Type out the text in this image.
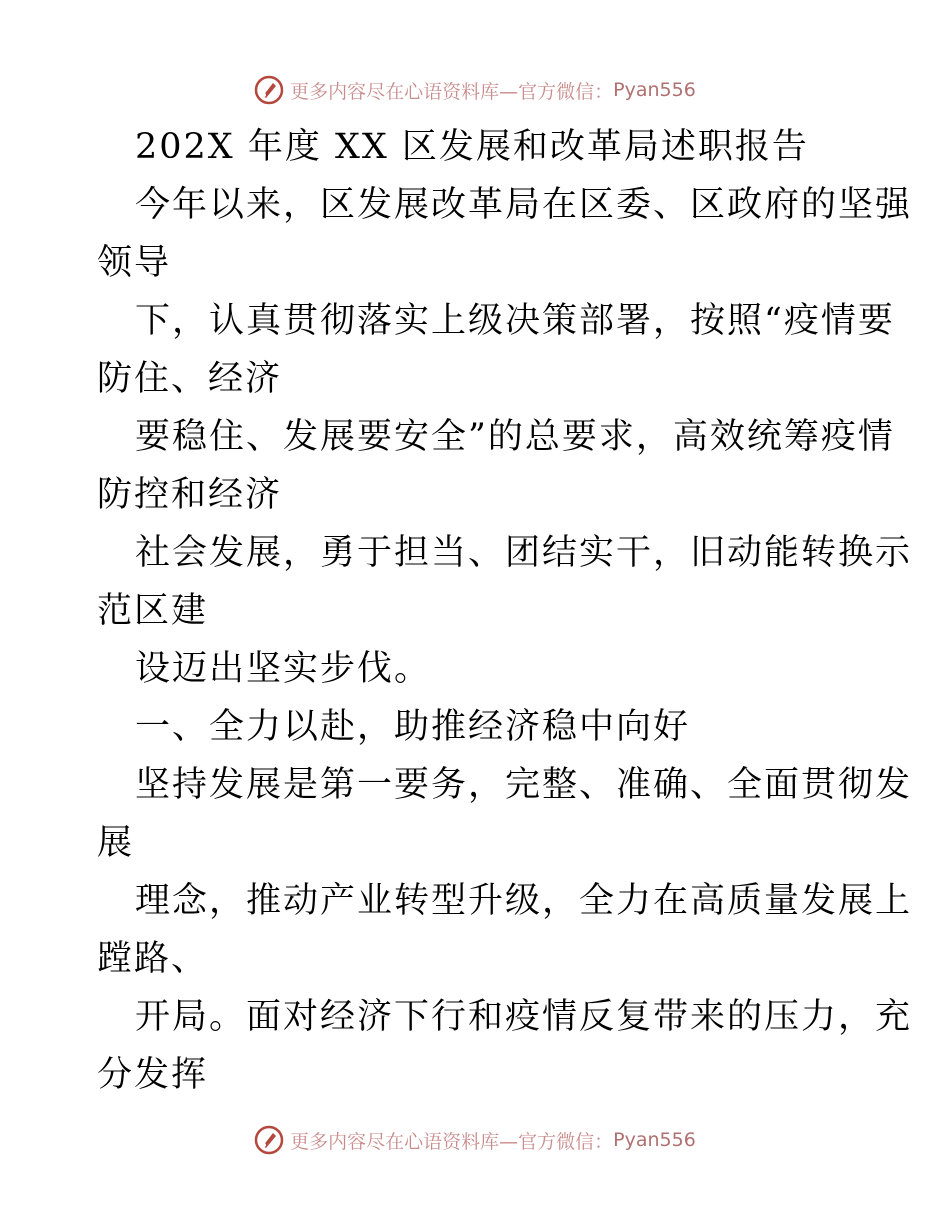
更多内容尽在心语资料库—官方微信： Pyan556
202X 年度 XX 区发展和改革局述职报告
今年以来，区发展改革局在区委、区政府的坚强
领导
下，认真贯彻落实上级决策部署，按照“疫情要
防住、经济
要稳住、发展要安全”的总要求，高效统筹疫情
防控和经济
社会发展，勇于担当、团结实干，旧动能转换示
范区建
设迈出坚实步伐。
一、全力以赴，助推经济稳中向好
坚持发展是第一要务，完整、准确、全面贯彻发
展
理念，推动产业转型升级，全力在高质量发展上
蹚路、
开局。面对经济下行和疫情反复带来的压力，充
分发挥
更多内容尽在心语资料库—官方微信： Pyan556
